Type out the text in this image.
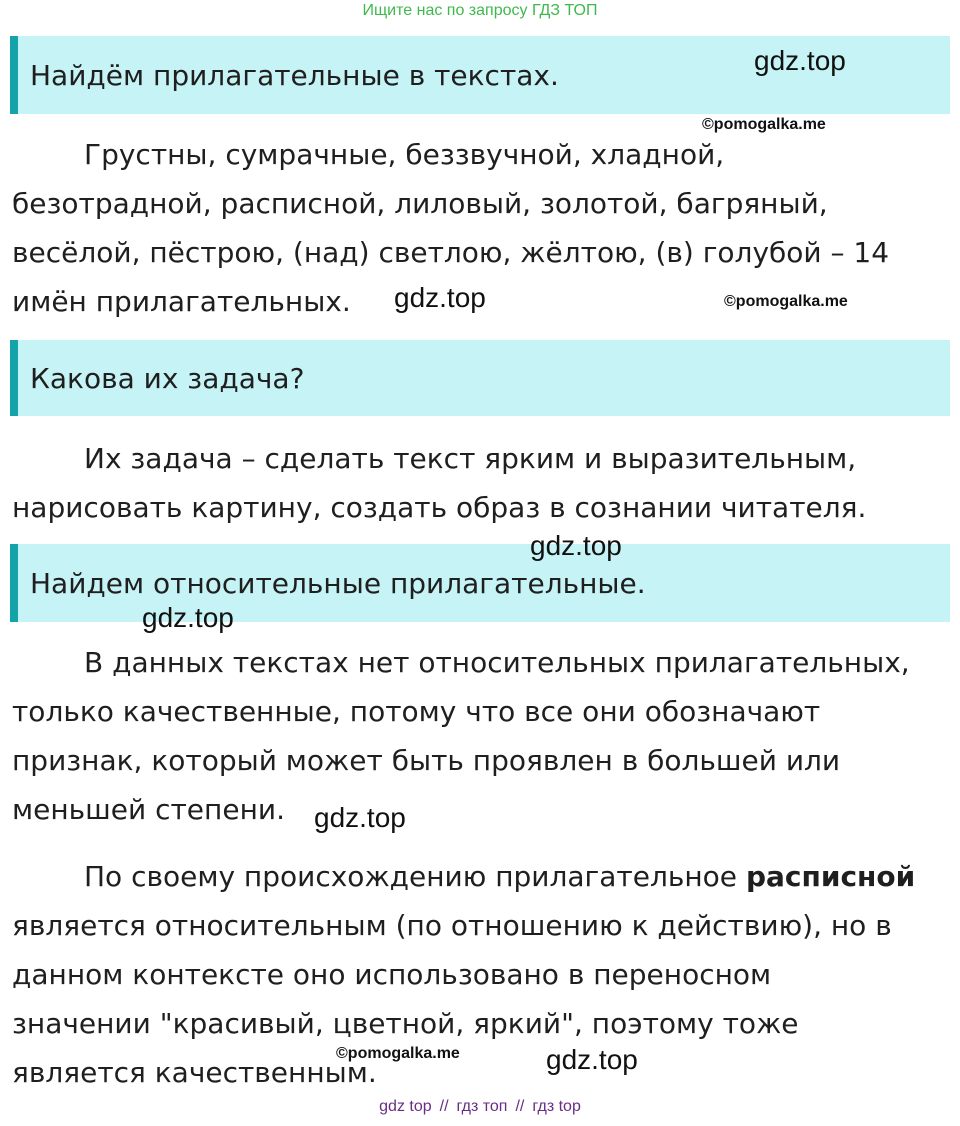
Ищите нас по запросу ГДЗ ТОП
Найдём прилагательные в текстах.	gdz.top
©pomogalka.me
Грустны, сумрачные, беззвучной, хладной,
безотрадной, расписной, лиловый, золотой, багряный,
весёлой, пёстрою, (над) светлою, жёлтою, (в) голубой – 14
имён прилагательных.	gdz.top	©pomogalka.me
Какова их задача?
Их задача – сделать текст ярким и выразительным,
нарисовать картину, создать образ в сознании читателя.
Найдем относительные прилагательные.
gdz.top
gdz.top
В данных текстах нет относительных прилагательных,
только качественные, потому что все они обозначают
признак, который может быть проявлен в большей или
меньшей степени.	gdz.top
По своему происхождению прилагательное расписной
является относительным (по отношению к действию), но в
данном контексте оно использовано в переносном
значении "красивый, цветной, яркий", поэтому тоже
является качественным.
©pomogalka.me	gdz.top
gdz top // гдз топ // гдз top
